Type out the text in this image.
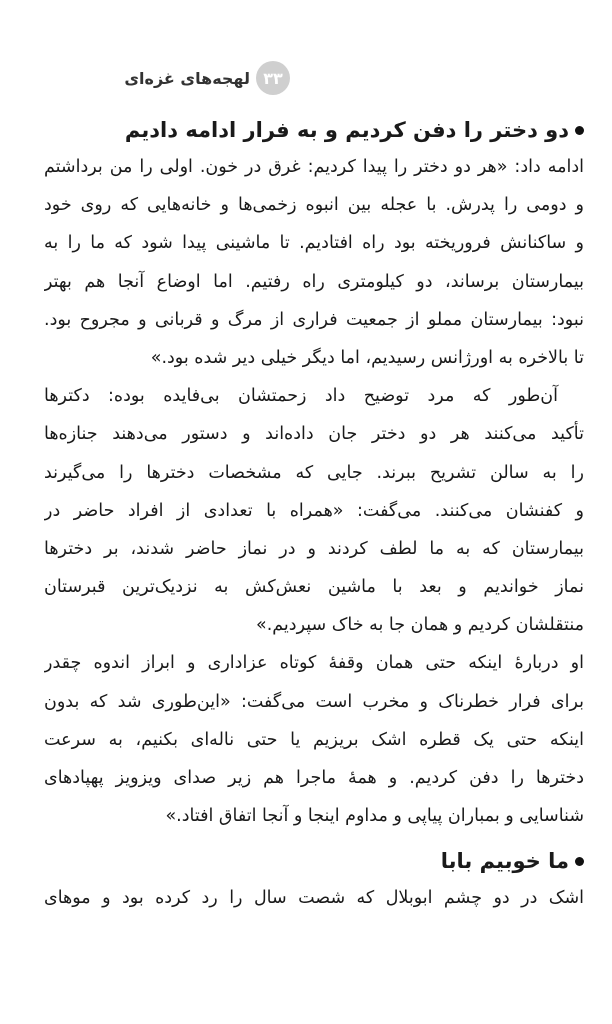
٣٣
لهجه‌های غزه‌ای
دو دختر را دفن کردیم و به فرار ادامه دادیم
ادامه داد: «هر دو دختر را پیدا کردیم: غرق در خون. اولی را من برداشتم
و دومی را پدرش. با عجله بین انبوه زخمی‌ها و خانه‌هایی که روی خود
و ساکنانش فروریخته بود راه افتادیم. تا ماشینی پیدا شود که ما را به
بیمارستان برساند، دو کیلومتری راه رفتیم. اما اوضاع آنجا هم بهتر
نبود: بیمارستان مملو از جمعیت فراری از مرگ و قربانی و مجروح بود.
تا بالاخره به اورژانس رسیدیم، اما دیگر خیلی دیر شده بود.»
آن‌طور که مرد توضیح داد زحمتشان بی‌فایده بوده: دکترها
تأکید می‌کنند هر دو دختر جان داده‌اند و دستور می‌دهند جنازه‌ها
را به سالن تشریح ببرند. جایی که مشخصات دخترها را می‌گیرند
و کفنشان می‌کنند. می‌گفت: «همراه با تعدادی از افراد حاضر در
بیمارستان که به ما لطف کردند و در نماز حاضر شدند، بر دخترها
نماز خواندیم و بعد با ماشین نعش‌کش به نزدیک‌ترین قبرستان
منتقلشان کردیم و همان جا به خاک سپردیم.»
او دربارهٔ اینکه حتی همان وقفهٔ کوتاه عزاداری و ابراز اندوه چقدر
برای فرار خطرناک و مخرب است می‌گفت: «این‌طوری شد که بدون
اینکه حتی یک قطره اشک بریزیم یا حتی ناله‌ای بکنیم، به سرعت
دخترها را دفن کردیم. و همهٔ ماجرا هم زیر صدای ویزویز پهپادهای
شناسایی و بمباران پیاپی و مداوم اینجا و آنجا اتفاق افتاد.»
ما خوبیم بابا
اشک در دو چشم ابوبلال که شصت سال را رد کرده بود و موهای
